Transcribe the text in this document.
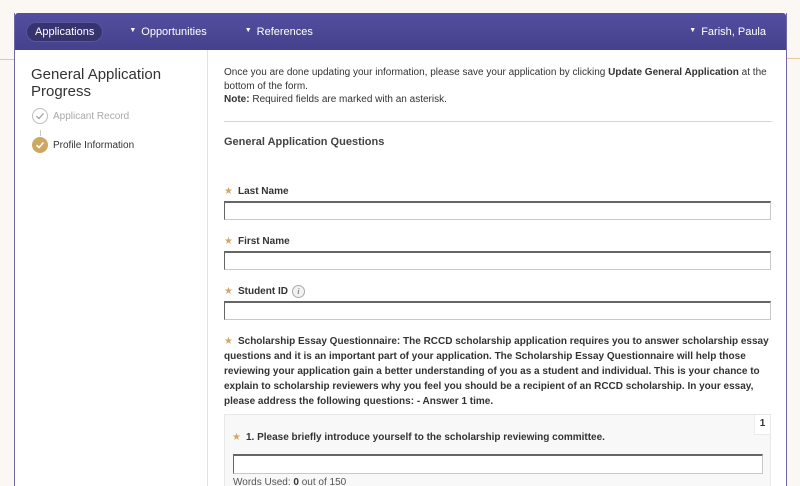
Applications	▼ Opportunities	▼ References	▼ Farish, Paula
General Application Progress
Applicant Record
Profile Information
Once you are done updating your information, please save your application by clicking Update General Application at the bottom of the form.
Note: Required fields are marked with an asterisk.
General Application Questions
★ Last Name
★ First Name
★ Student ID	i
★ Scholarship Essay Questionnaire: The RCCD scholarship application requires you to answer scholarship essay questions and it is an important part of your application. The Scholarship Essay Questionnaire will help those reviewing your application gain a better understanding of you as a student and individual. This is your chance to explain to scholarship reviewers why you feel you should be a recipient of an RCCD scholarship. In your essay, please address the following questions: - Answer 1 time.
1
★ 1. Please briefly introduce yourself to the scholarship reviewing committee.
Words Used: 0 out of 150
